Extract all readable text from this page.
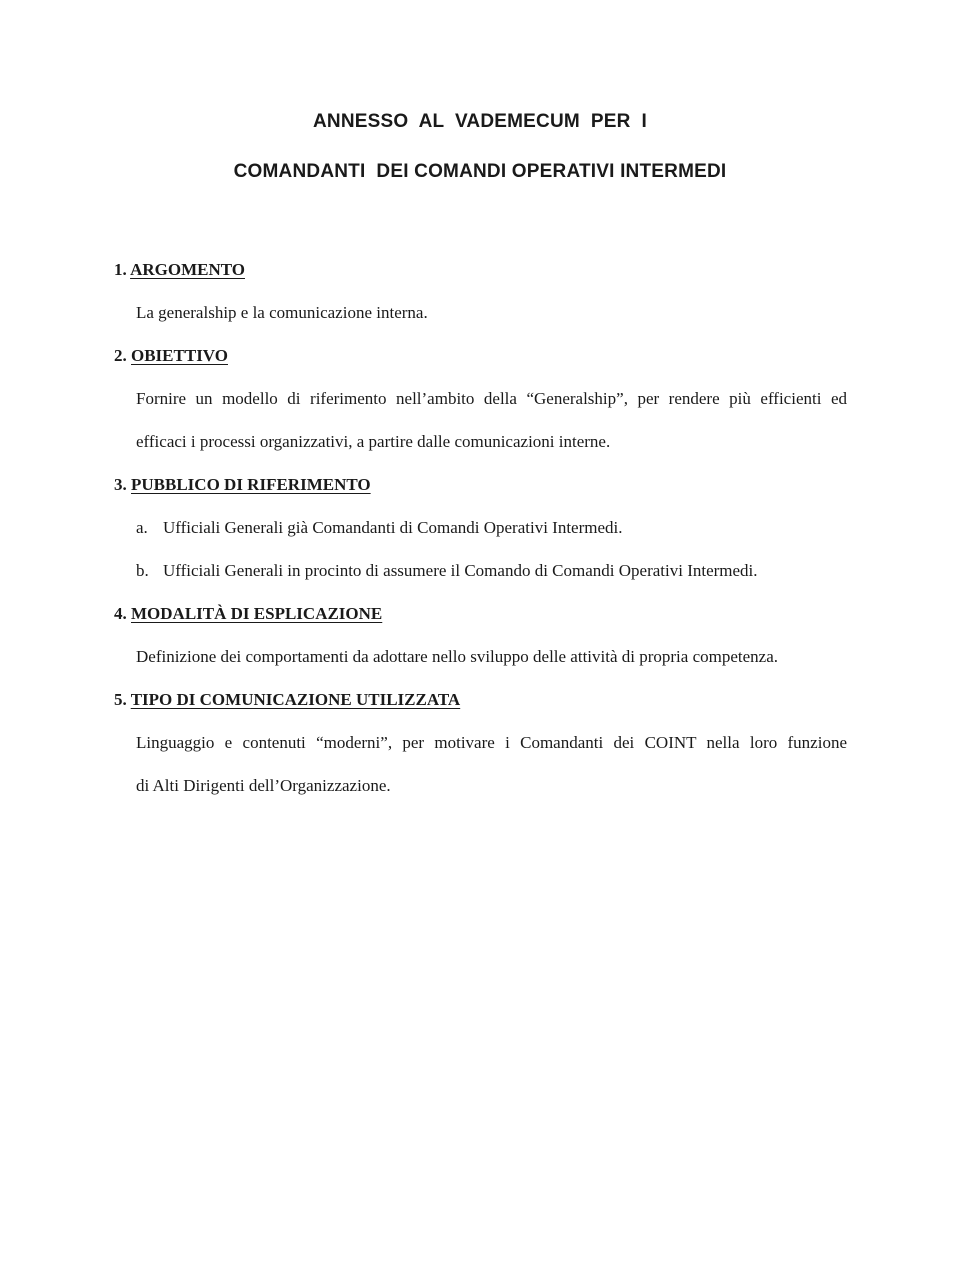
ANNESSO  AL  VADEMECUM  PER  I
COMANDANTI  DEI COMANDI OPERATIVI INTERMEDI
1. ARGOMENTO
La generalship e la comunicazione interna.
2. OBIETTIVO
Fornire un modello di riferimento nell’ambito della “Generalship”, per rendere più efficienti ed
efficaci i processi organizzativi, a partire dalle comunicazioni interne.
3. PUBBLICO DI RIFERIMENTO
a. Ufficiali Generali già Comandanti di Comandi Operativi Intermedi.
b. Ufficiali Generali in procinto di assumere il Comando di Comandi Operativi Intermedi.
4. MODALITÀ DI ESPLICAZIONE
Definizione dei comportamenti da adottare nello sviluppo delle attività di propria competenza.
5. TIPO DI COMUNICAZIONE UTILIZZATA
Linguaggio e contenuti “moderni”, per motivare i Comandanti dei COINT nella loro funzione
di Alti Dirigenti dell’Organizzazione.
